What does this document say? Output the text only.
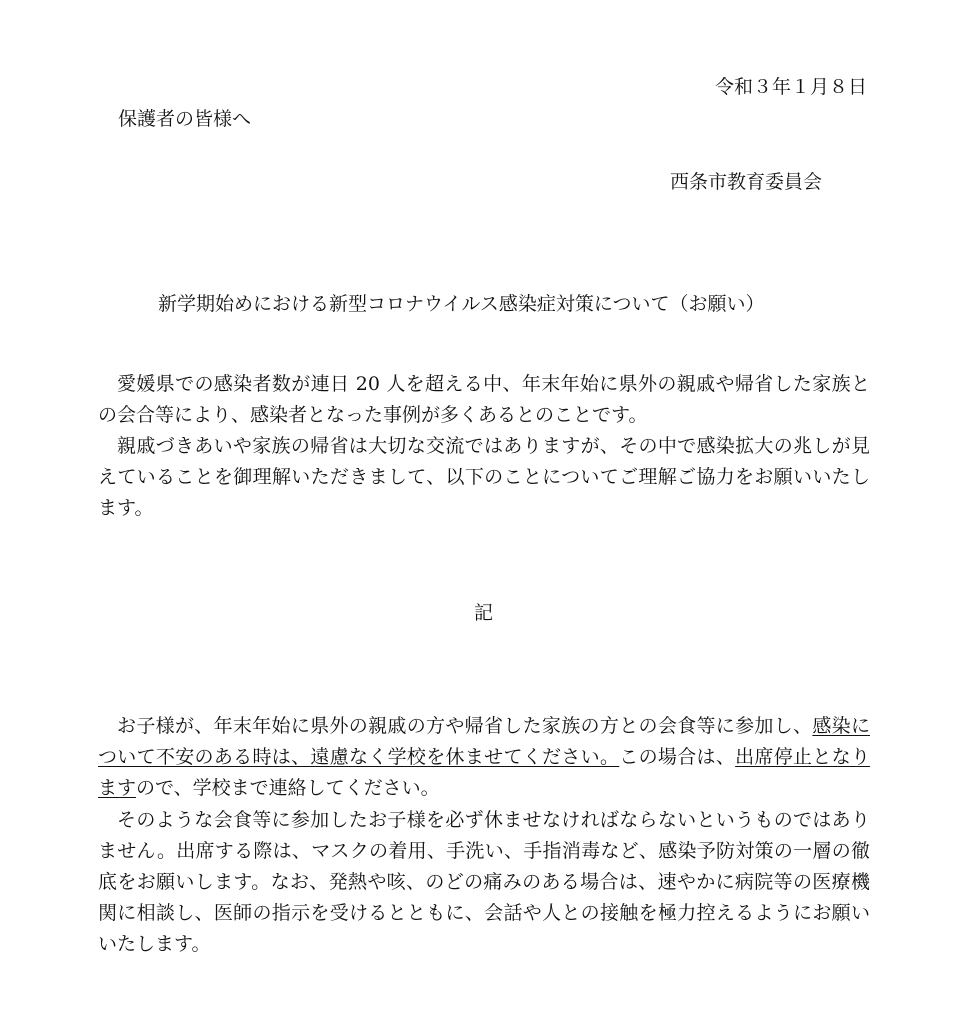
令和３年１月８日
保護者の皆様へ
西条市教育委員会
新学期始めにおける新型コロナウイルス感染症対策について（お願い）

愛媛県での感染者数が連日 20 人を超える中、年末年始に県外の親戚や帰省した家族との会合等により、感染者となった事例が多くあるとのことです。

親戚づきあいや家族の帰省は大切な交流ではありますが、その中で感染拡大の兆しが見えていることを御理解いただきまして、以下のことについてご理解ご協力をお願いいたします。

記

お子様が、年末年始に県外の親戚の方や帰省した家族の方との会食等に参加し、感染について不安のある時は、遠慮なく学校を休ませてください。この場合は、出席停止となりますので、学校まで連絡してください。

そのような会食等に参加したお子様を必ず休ませなければならないというものではありません。出席する際は、マスクの着用、手洗い、手指消毒など、感染予防対策の一層の徹底をお願いします。なお、発熱や咳、のどの痛みのある場合は、速やかに病院等の医療機関に相談し、医師の指示を受けるとともに、会話や人との接触を極力控えるようにお願いいたします。
